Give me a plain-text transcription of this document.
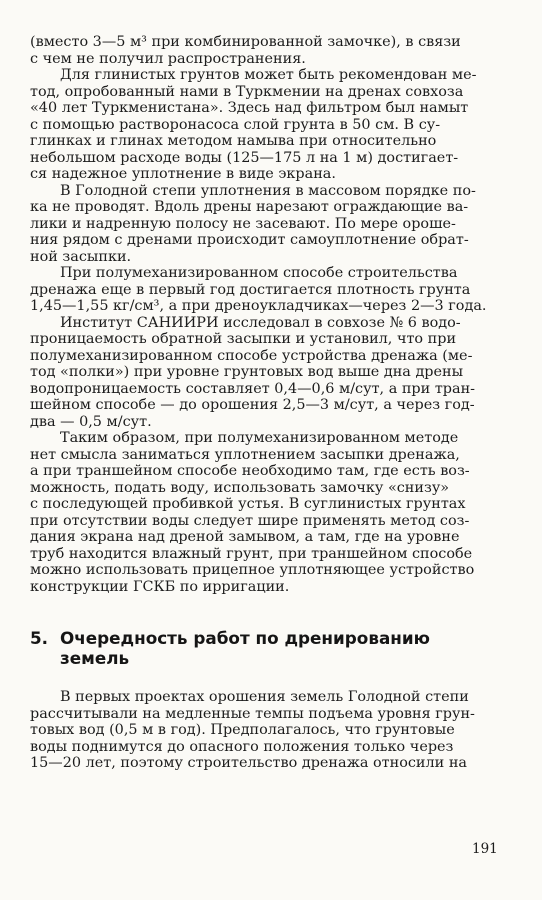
(вместо 3—5 м³ при комбинированной замочке), в связи
с чем не получил распространения.
Для глинистых грунтов может быть рекомендован ме-
тод, опробованный нами в Туркмении на дренах совхоза
«40 лет Туркменистана». Здесь над фильтром был намыт
с помощью растворонасоса слой грунта в 50 см. В су-
глинках и глинах методом намыва при относительно
небольшом расходе воды (125—175 л на 1 м) достигает-
ся надежное уплотнение в виде экрана.
В Голодной степи уплотнения в массовом порядке по-
ка не проводят. Вдоль дрены нарезают ограждающие ва-
лики и надренную полосу не засевают. По мере ороше-
ния рядом с дренами происходит самоуплотнение обрат-
ной засыпки.
При полумеханизированном способе строительства
дренажа еще в первый год достигается плотность грунта
1,45—1,55 кг/см³, а при дреноукладчиках—через 2—3 года.
Институт САНИИРИ исследовал в совхозе № 6 водо-
проницаемость обратной засыпки и установил, что при
полумеханизированном способе устройства дренажа (ме-
тод «полки») при уровне грунтовых вод выше дна дрены
водопроницаемость составляет 0,4—0,6 м/сут, а при тран-
шейном способе — до орошения 2,5—3 м/сут, а через год-
два — 0,5 м/сут.
Таким образом, при полумеханизированном методе
нет смысла заниматься уплотнением засыпки дренажа,
а при траншейном способе необходимо там, где есть воз-
можность, подать воду, использовать замочку «снизу»
с последующей пробивкой устья. В суглинистых грунтах
при отсутствии воды следует шире применять метод соз-
дания экрана над дреной замывом, а там, где на уровне
труб находится влажный грунт, при траншейном способе
можно использовать прицепное уплотняющее устройство
конструкции ГСКБ по ирригации.
5. Очередность работ по дренированию
земель
В первых проектах орошения земель Голодной степи
рассчитывали на медленные темпы подъема уровня грун-
товых вод (0,5 м в год). Предполагалось, что грунтовые
воды поднимутся до опасного положения только через
15—20 лет, поэтому строительство дренажа относили на
191
